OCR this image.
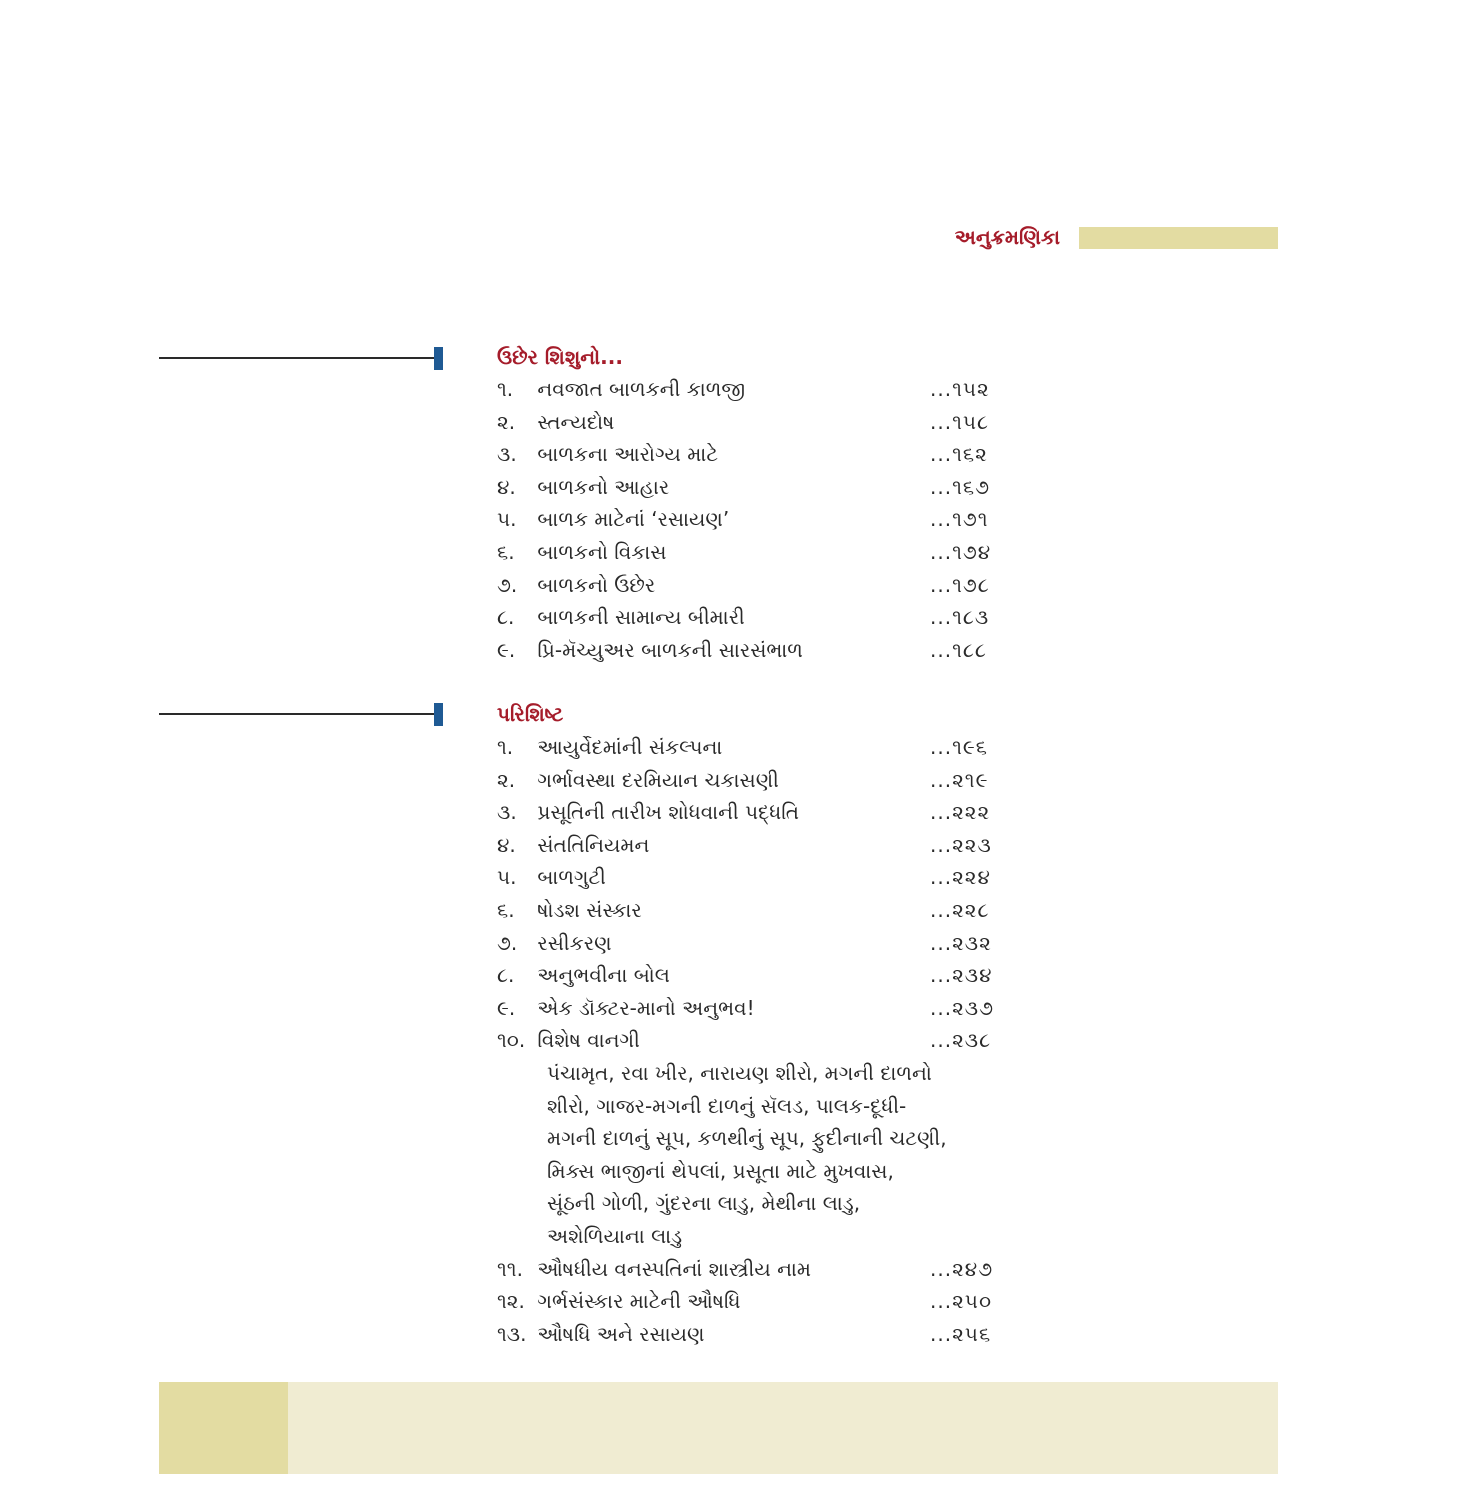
અનુક્રમણિકા
ઉછેર શિશુનો...
૧. નવજાત બાળકની કાળજી	...૧૫૨
૨. સ્તન્યદોષ	...૧૫૮
૩. બાળકના આરોગ્ય માટે	...૧૬૨
૪. બાળકનો આહાર	...૧૬૭
૫. બાળક માટેનાં ‘રસાયણ’	...૧૭૧
૬. બાળકનો વિકાસ	...૧૭૪
૭. બાળકનો ઉછેર	...૧૭૮
૮. બાળકની સામાન્ય બીમારી	...૧૮૩
૯. પ્રિ-મૅચ્યુઅર બાળકની સારસંભાળ	...૧૮૮
પરિશિષ્ટ
૧. આયુર્વેદમાંની સંકલ્પના	...૧૯૬
૨. ગર્ભાવસ્થા દરમિયાન ચકાસણી	...૨૧૯
૩. પ્રસૂતિની તારીખ શોધવાની પદ્ધતિ	...૨૨૨
૪. સંતતિનિયમન	...૨૨૩
૫. બાળગુટી	...૨૨૪
૬. ષોડશ સંસ્કાર	...૨૨૮
૭. રસીકરણ	...૨૩૨
૮. અનુભવીના બોલ	...૨૩૪
૯. એક ડૉક્ટર-માનો અનુભવ!	...૨૩૭
૧૦. વિશેષ વાનગી	...૨૩૮
પંચામૃત, રવા ખીર, નારાયણ શીરો, મગની દાળનો શીરો, ગાજર-મગની દાળનું સૅલડ, પાલક-દૂધી-મગની દાળનું સૂપ, કળથીનું સૂપ, ફુદીનાની ચટણી, મિક્સ ભાજીનાં થેપલાં, પ્રસૂતા માટે મુખવાસ, સૂંઠની ગોળી, ગુંદરના લાડુ, મેથીના લાડુ, અશેળિયાના લાડુ
૧૧. ઔષધીય વનસ્પતિનાં શાસ્ત્રીય નામ	...૨૪૭
૧૨. ગર્ભસંસ્કાર માટેની ઔષધિ	...૨૫૦
૧૩. ઔષધિ અને રસાયણ	...૨૫૬
